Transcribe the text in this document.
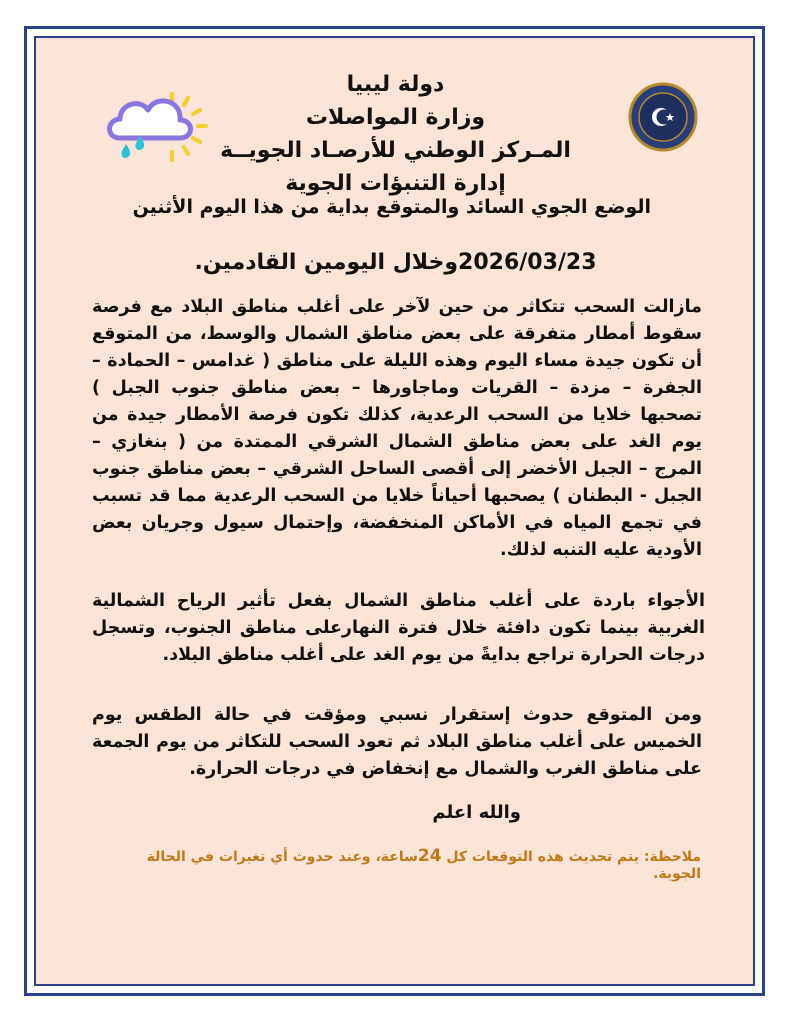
دولة ليبيا
وزارة المواصلات
المـركز الوطني للأرصـاد الجويــة
إدارة التنبؤات الجوية
الوضع الجوي السائد والمتوقع بداية من هذا اليوم الأثنين
2026/03/23وخلال اليومين القادمين.
مازالت السحب تتكاثر من حين لآخر على أغلب مناطق البلاد مع فرصة سقوط أمطار متفرقة على بعض مناطق الشمال والوسط، من المتوقع أن تكون جيدة مساء اليوم وهذه الليلة على مناطق ( غدامس – الحمادة – الجفرة – مزدة – القريات وماجاورها – بعض مناطق جنوب الجبل ) تصحبها خلايا من السحب الرعدية، كذلك تكون فرصة الأمطار جيدة من يوم الغد على بعض مناطق الشمال الشرقي الممتدة من ( بنغازي – المرج – الجبل الأخضر إلى أقصى الساحل الشرقي – بعض مناطق جنوب الجبل - البطنان ) يصحبها أحياناً خلايا من السحب الرعدية مما قد تسبب في تجمع المياه في الأماكن المنخفضة، وإحتمال سيول وجريان بعض الأودية عليه التنبه لذلك.
الأجواء باردة على أغلب مناطق الشمال بفعل تأثير الرياح الشمالية الغربية بينما تكون دافئة خلال فترة النهارعلى مناطق الجنوب، وتسجل درجات الحرارة تراجع بدايةً من يوم الغد على أغلب مناطق البلاد.
ومن المتوقع حدوث إستقرار نسبي ومؤقت في حالة الطقس يوم الخميس على أغلب مناطق البلاد ثم تعود السحب للتكاثر من يوم الجمعة على مناطق الغرب والشمال مع إنخفاض في درجات الحرارة.
والله اعلم
ملاحظة: يتم تحديث هذه التوقعات كل 24ساعة، وعند حدوث أي تغيرات في الحالة الجوية.
